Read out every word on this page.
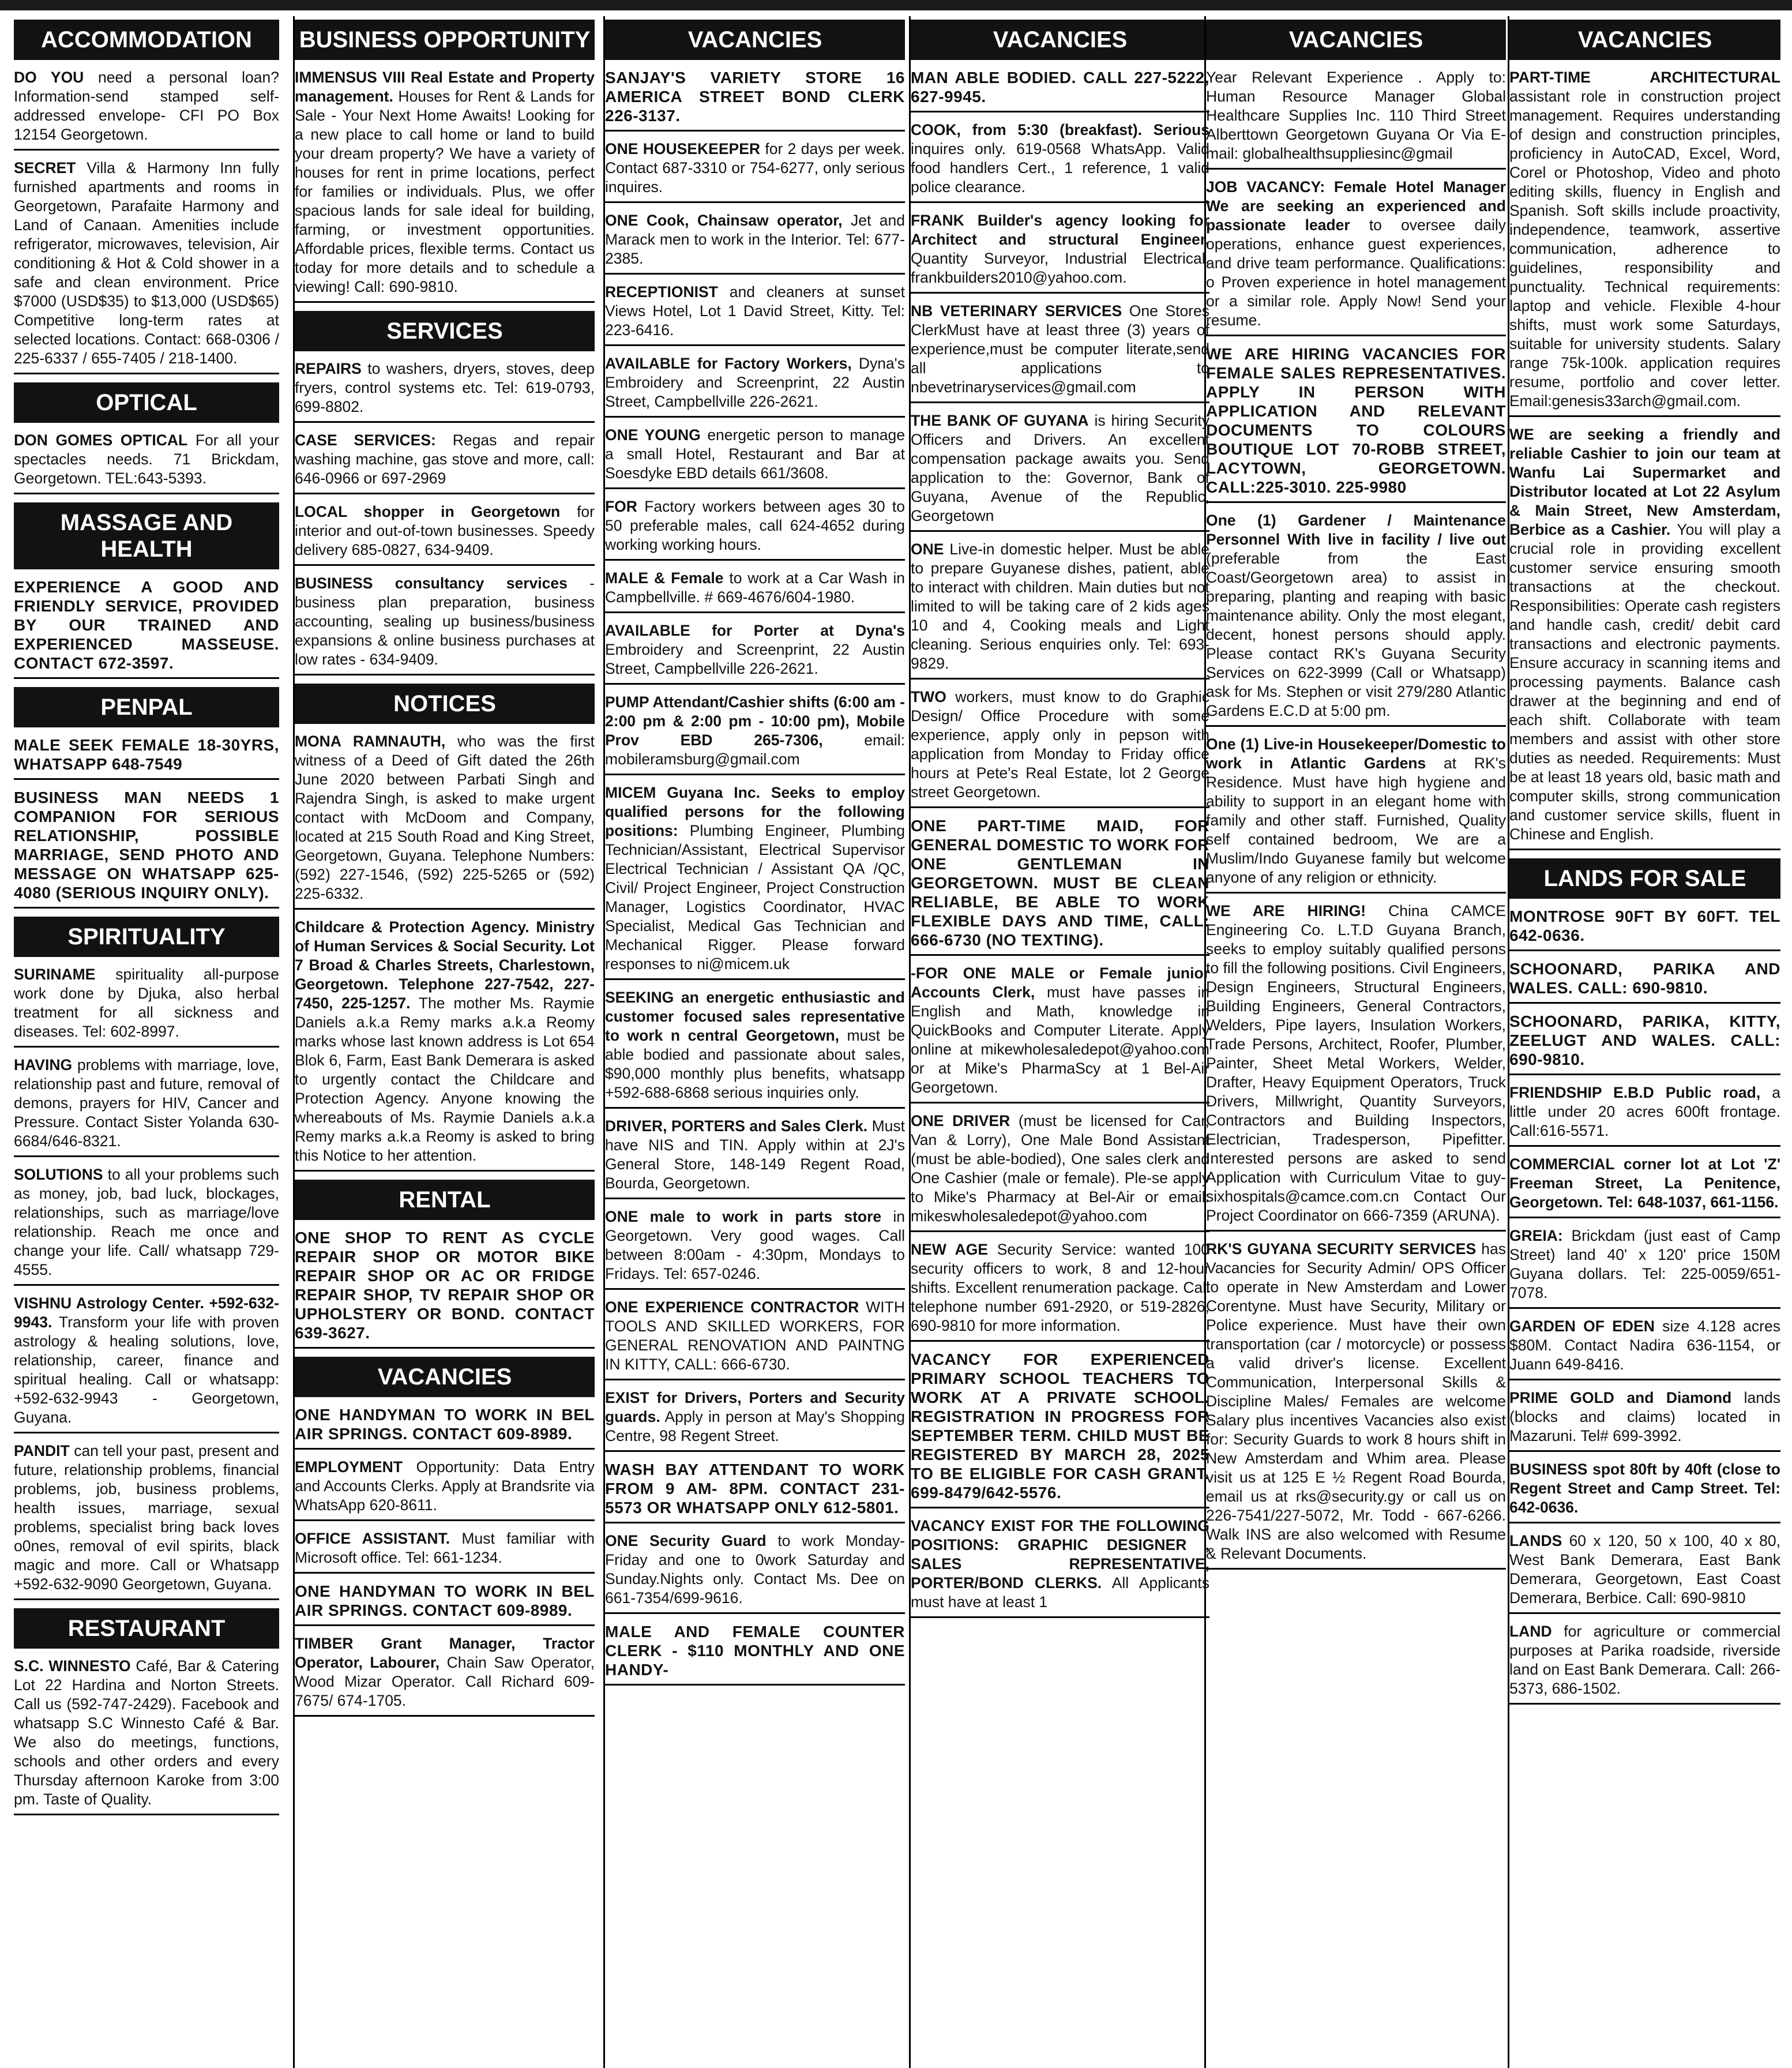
ACCOMMODATION
DO YOU need a personal loan? Information-send stamped self-addressed envelope- CFI PO Box 12154 Georgetown.
SECRET Villa & Harmony Inn fully furnished apartments and rooms in Georgetown, Parafaite Harmony and Land of Canaan. Amenities include refrigerator, microwaves, television, Air conditioning & Hot & Cold shower in a safe and clean environment. Price $7000 (USD$35) to $13,000 (USD$65) Competitive long-term rates at selected locations. Contact: 668-0306 / 225-6337 / 655-7405 / 218-1400.
OPTICAL
DON GOMES OPTICAL For all your spectacles needs. 71 Brickdam, Georgetown. TEL:643-5393.
MASSAGE AND HEALTH
EXPERIENCE A GOOD AND FRIENDLY SERVICE, PROVIDED BY OUR TRAINED AND EXPERIENCED MASSEUSE. CONTACT 672-3597.
PENPAL
MALE SEEK FEMALE 18-30YRS, WHATSAPP 648-7549
BUSINESS MAN NEEDS 1 COMPANION FOR SERIOUS RELATIONSHIP, POSSIBLE MARRIAGE, SEND PHOTO AND MESSAGE ON WHATSAPP 625-4080 (SERIOUS INQUIRY ONLY).
SPIRITUALITY
SURINAME spirituality all-purpose work done by Djuka, also herbal treatment for all sickness and diseases. Tel: 602-8997.
HAVING problems with marriage, love, relationship past and future, removal of demons, prayers for HIV, Cancer and Pressure. Contact Sister Yolanda 630-6684/646-8321.
SOLUTIONS to all your problems such as money, job, bad luck, blockages, relationships, such as marriage/love relationship. Reach me once and change your life. Call/ whatsapp 729-4555.
VISHNU Astrology Center. +592-632-9943. Transform your life with proven astrology & healing solutions, love, relationship, career, finance and spiritual healing. Call or whatsapp: +592-632-9943 - Georgetown, Guyana.
PANDIT can tell your past, present and future, relationship problems, financial problems, job, business problems, health issues, marriage, sexual problems, specialist bring back loves o0nes, removal of evil spirits, black magic and more. Call or Whatsapp +592-632-9090 Georgetown, Guyana.
RESTAURANT
S.C. WINNESTO Café, Bar & Catering Lot 22 Hardina and Norton Streets. Call us (592-747-2429). Facebook and whatsapp S.C Winnesto Café & Bar. We also do meetings, functions, schools and other orders and every Thursday afternoon Karoke from 3:00 pm. Taste of Quality.
BUSINESS OPPORTUNITY
IMMENSUS VIII Real Estate and Property management. Houses for Rent & Lands for Sale - Your Next Home Awaits! Looking for a new place to call home or land to build your dream property? We have a variety of houses for rent in prime locations, perfect for families or individuals. Plus, we offer spacious lands for sale ideal for building, farming, or investment opportunities. Affordable prices, flexible terms. Contact us today for more details and to schedule a viewing! Call: 690-9810.
SERVICES
REPAIRS to washers, dryers, stoves, deep fryers, control systems etc. Tel: 619-0793, 699-8802.
CASE SERVICES: Regas and repair washing machine, gas stove and more, call: 646-0966 or 697-2969
LOCAL shopper in Georgetown for interior and out-of-town businesses. Speedy delivery 685-0827, 634-9409.
BUSINESS consultancy services - business plan preparation, business accounting, sealing up business/business expansions & online business purchases at low rates - 634-9409.
NOTICES
MONA RAMNAUTH, who was the first witness of a Deed of Gift dated the 26th June 2020 between Parbati Singh and Rajendra Singh, is asked to make urgent contact with McDoom and Company, located at 215 South Road and King Street, Georgetown, Guyana. Telephone Numbers: (592) 227-1546, (592) 225-5265 or (592) 225-6332.
Childcare & Protection Agency. Ministry of Human Services & Social Security. Lot 7 Broad & Charles Streets, Charlestown, Georgetown. Telephone 227-7542, 227-7450, 225-1257. The mother Ms. Raymie Daniels a.k.a Remy marks a.k.a Reomy marks whose last known address is Lot 654 Blok 6, Farm, East Bank Demerara is asked to urgently contact the Childcare and Protection Agency. Anyone knowing the whereabouts of Ms. Raymie Daniels a.k.a Remy marks a.k.a Reomy is asked to bring this Notice to her attention.
RENTAL
ONE SHOP TO RENT AS CYCLE REPAIR SHOP OR MOTOR BIKE REPAIR SHOP OR AC OR FRIDGE REPAIR SHOP, TV REPAIR SHOP OR UPHOLSTERY OR BOND. CONTACT 639-3627.
VACANCIES
ONE HANDYMAN TO WORK IN BEL AIR SPRINGS. CONTACT 609-8989.
EMPLOYMENT Opportunity: Data Entry and Accounts Clerks. Apply at Brandsrite via WhatsApp 620-8611.
OFFICE ASSISTANT. Must familiar with Microsoft office. Tel: 661-1234.
ONE HANDYMAN TO WORK IN BEL AIR SPRINGS. CONTACT 609-8989.
TIMBER Grant Manager, Tractor Operator, Labourer, Chain Saw Operator, Wood Mizar Operator. Call Richard 609-7675/ 674-1705.
VACANCIES
SANJAY'S VARIETY STORE 16 AMERICA STREET BOND CLERK 226-3137.
ONE HOUSEKEEPER for 2 days per week. Contact 687-3310 or 754-6277, only serious inquires.
ONE Cook, Chainsaw operator, Jet and Marack men to work in the Interior. Tel: 677-2385.
RECEPTIONIST and cleaners at sunset Views Hotel, Lot 1 David Street, Kitty. Tel: 223-6416.
AVAILABLE for Factory Workers, Dyna's Embroidery and Screenprint, 22 Austin Street, Campbellville 226-2621.
ONE YOUNG energetic person to manage a small Hotel, Restaurant and Bar at Soesdyke EBD details 661/3608.
FOR Factory workers between ages 30 to 50 preferable males, call 624-4652 during working working hours.
MALE & Female to work at a Car Wash in Campbellville. # 669-4676/604-1980.
AVAILABLE for Porter at Dyna's Embroidery and Screenprint, 22 Austin Street, Campbellville 226-2621.
PUMP Attendant/Cashier shifts (6:00 am - 2:00 pm & 2:00 pm - 10:00 pm), Mobile Prov EBD 265-7306, email: mobileramsburg@gmail.com
MICEM Guyana Inc. Seeks to employ qualified persons for the following positions: Plumbing Engineer, Plumbing Technician/Assistant, Electrical Supervisor Electrical Technician / Assistant QA /QC, Civil/ Project Engineer, Project Construction Manager, Logistics Coordinator, HVAC Specialist, Medical Gas Technician and Mechanical Rigger. Please forward responses to ni@micem.uk
SEEKING an energetic enthusiastic and customer focused sales representative to work n central Georgetown, must be able bodied and passionate about sales, $90,000 monthly plus benefits, whatsapp +592-688-6868 serious inquiries only.
DRIVER, PORTERS and Sales Clerk. Must have NIS and TIN. Apply within at 2J's General Store, 148-149 Regent Road, Bourda, Georgetown.
ONE male to work in parts store in Georgetown. Very good wages. Call between 8:00am - 4:30pm, Mondays to Fridays. Tel: 657-0246.
ONE EXPERIENCE CONTRACTOR WITH TOOLS AND SKILLED WORKERS, FOR GENERAL RENOVATION AND PAINTNG IN KITTY, CALL: 666-6730.
EXIST for Drivers, Porters and Security guards. Apply in person at May's Shopping Centre, 98 Regent Street.
WASH BAY ATTENDANT TO WORK FROM 9 AM- 8PM. CONTACT 231-5573 OR WHATSAPP ONLY 612-5801.
ONE Security Guard to work Monday-Friday and one to 0work Saturday and Sunday.Nights only. Contact Ms. Dee on 661-7354/699-9616.
MALE AND FEMALE COUNTER CLERK - $110 MONTHLY AND ONE HANDY-
VACANCIES
MAN ABLE BODIED. CALL 227-5222, 627-9945.
COOK, from 5:30 (breakfast). Serious inquires only. 619-0568 WhatsApp. Valid food handlers Cert., 1 reference, 1 valid police clearance.
FRANK Builder's agency looking for Architect and structural Engineer, Quantity Surveyor, Industrial Electrical. frankbuilders2010@yahoo.com.
NB VETERINARY SERVICES One Stores ClerkMust have at least three (3) years of experience,must be computer literate,send all applications to nbevetrinaryservices@gmail.com
THE BANK OF GUYANA is hiring Security Officers and Drivers. An excellent compensation package awaits you. Send application to the: Governor, Bank of Guyana, Avenue of the Republic, Georgetown
ONE Live-in domestic helper. Must be able to prepare Guyanese dishes, patient, able to interact with children. Main duties but not limited to will be taking care of 2 kids ages 10 and 4, Cooking meals and Light cleaning. Serious enquiries only. Tel: 693-9829.
TWO workers, must know to do Graphic Design/ Office Procedure with some experience, apply only in pepson with application from Monday to Friday office hours at Pete's Real Estate, lot 2 George street Georgetown.
ONE PART-TIME MAID, FOR GENERAL DOMESTIC TO WORK FOR ONE GENTLEMAN IN GEORGETOWN. MUST BE CLEAN RELIABLE, BE ABLE TO WORK FLEXIBLE DAYS AND TIME, CALL: 666-6730 (NO TEXTING).
-FOR ONE MALE or Female junior Accounts Clerk, must have passes in English and Math, knowledge in QuickBooks and Computer Literate. Apply online at mikewholesaledepot@yahoo.com or at Mike's PharmaScy at 1 Bel-Air Georgetown.
ONE DRIVER (must be licensed for Car, Van & Lorry), One Male Bond Assistant (must be able-bodied), One sales clerk and One Cashier (male or female). Ple-se apply to Mike's Pharmacy at Bel-Air or email: mikeswholesaledepot@yahoo.com
NEW AGE Security Service: wanted 100 security officers to work, 8 and 12-hour shifts. Excellent renumeration package. Call telephone number 691-2920, or 519-2826, 690-9810 for more information.
VACANCY FOR EXPERIENCED PRIMARY SCHOOL TEACHERS TO WORK AT A PRIVATE SCHOOL. REGISTRATION IN PROGRESS FOR SEPTEMBER TERM. CHILD MUST BE REGISTERED BY MARCH 28, 2025 TO BE ELIGIBLE FOR CASH GRANT. 699-8479/642-5576.
VACANCY EXIST FOR THE FOLLOWING POSITIONS: GRAPHIC DESIGNER , SALES REPRESENTATIVE, PORTER/BOND CLERKS. All Applicants must have at least 1
VACANCIES
Year Relevant Experience . Apply to: Human Resource Manager Global Healthcare Supplies Inc. 110 Third Street Alberttown Georgetown Guyana Or Via E-mail: globalhealthsuppliesinc@gmail
JOB VACANCY: Female Hotel Manager We are seeking an experienced and passionate leader to oversee daily operations, enhance guest experiences, and drive team performance. Qualifications: o Proven experience in hotel management or a similar role. Apply Now! Send your resume.
WE ARE HIRING VACANCIES FOR FEMALE SALES REPRESENTATIVES. APPLY IN PERSON WITH APPLICATION AND RELEVANT DOCUMENTS TO COLOURS BOUTIQUE LOT 70-ROBB STREET, LACYTOWN, GEORGETOWN. CALL:225-3010. 225-9980
One (1) Gardener / Maintenance Personnel With live in facility / live out (preferable from the East Coast/Georgetown area) to assist in preparing, planting and reaping with basic maintenance ability. Only the most elegant, decent, honest persons should apply. Please contact RK's Guyana Security Services on 622-3999 (Call or Whatsapp) ask for Ms. Stephen or visit 279/280 Atlantic Gardens E.C.D at 5:00 pm.
One (1) Live-in Housekeeper/Domestic to work in Atlantic Gardens at RK's Residence. Must have high hygiene and ability to support in an elegant home with family and other staff. Furnished, Quality self contained bedroom, We are a Muslim/Indo Guyanese family but welcome anyone of any religion or ethnicity.
WE ARE HIRING! China CAMCE Engineering Co. L.T.D Guyana Branch, seeks to employ suitably qualified persons to fill the following positions. Civil Engineers, Design Engineers, Structural Engineers, Building Engineers, General Contractors, Welders, Pipe layers, Insulation Workers, Trade Persons, Architect, Roofer, Plumber, Painter, Sheet Metal Workers, Welder, Drafter, Heavy Equipment Operators, Truck Drivers, Millwright, Quantity Surveyors, Contractors and Building Inspectors, Electrician, Tradesperson, Pipefitter. Interested persons are asked to send Application with Curriculum Vitae to guy-sixhospitals@camce.com.cn Contact Our Project Coordinator on 666-7359 (ARUNA).
RK'S GUYANA SECURITY SERVICES has Vacancies for Security Admin/ OPS Officer to operate in New Amsterdam and Lower Corentyne. Must have Security, Military or Police experience. Must have their own transportation (car / motorcycle) or possess a valid driver's license. Excellent Communication, Interpersonal Skills & Discipline Males/ Females are welcome Salary plus incentives Vacancies also exist for: Security Guards to work 8 hours shift in New Amsterdam and Whim area. Please visit us at 125 E ½ Regent Road Bourda, email us at rks@security.gy or call us on 226-7541/227-5072, Mr. Todd - 667-6266. Walk INS are also welcomed with Resume & Relevant Documents.
VACANCIES
PART-TIME ARCHITECTURAL assistant role in construction project management. Requires understanding of design and construction principles, proficiency in AutoCAD, Excel, Word, Corel or Photoshop, Video and photo editing skills, fluency in English and Spanish. Soft skills include proactivity, independence, teamwork, assertive communication, adherence to guidelines, responsibility and punctuality. Technical requirements: laptop and vehicle. Flexible 4-hour shifts, must work some Saturdays, suitable for university students. Salary range 75k-100k. application requires resume, portfolio and cover letter. Email:genesis33arch@gmail.com.
WE are seeking a friendly and reliable Cashier to join our team at Wanfu Lai Supermarket and Distributor located at Lot 22 Asylum & Main Street, New Amsterdam, Berbice as a Cashier. You will play a crucial role in providing excellent customer service ensuring smooth transactions at the checkout. Responsibilities: Operate cash registers and handle cash, credit/ debit card transactions and electronic payments. Ensure accuracy in scanning items and processing payments. Balance cash drawer at the beginning and end of each shift. Collaborate with team members and assist with other store duties as needed. Requirements: Must be at least 18 years old, basic math and computer skills, strong communication and customer service skills, fluent in Chinese and English.
LANDS FOR SALE
MONTROSE 90FT BY 60FT. TEL 642-0636.
SCHOONARD, PARIKA AND WALES. CALL: 690-9810.
SCHOONARD, PARIKA, KITTY, ZEELUGT AND WALES. CALL: 690-9810.
FRIENDSHIP E.B.D Public road, a little under 20 acres 600ft frontage. Call:616-5571.
COMMERCIAL corner lot at Lot 'Z' Freeman Street, La Penitence, Georgetown. Tel: 648-1037, 661-1156.
GREIA: Brickdam (just east of Camp Street) land 40' x 120' price 150M Guyana dollars. Tel: 225-0059/651-7078.
GARDEN OF EDEN size 4.128 acres $80M. Contact Nadira 636-1154, or Juann 649-8416.
PRIME GOLD and Diamond lands (blocks and claims) located in Mazaruni. Tel# 699-3992.
BUSINESS spot 80ft by 40ft (close to Regent Street and Camp Street. Tel: 642-0636.
LANDS 60 x 120, 50 x 100, 40 x 80, West Bank Demerara, East Bank Demerara, Georgetown, East Coast Demerara, Berbice. Call: 690-9810
LAND for agriculture or commercial purposes at Parika roadside, riverside land on East Bank Demerara. Call: 266-5373, 686-1502.
